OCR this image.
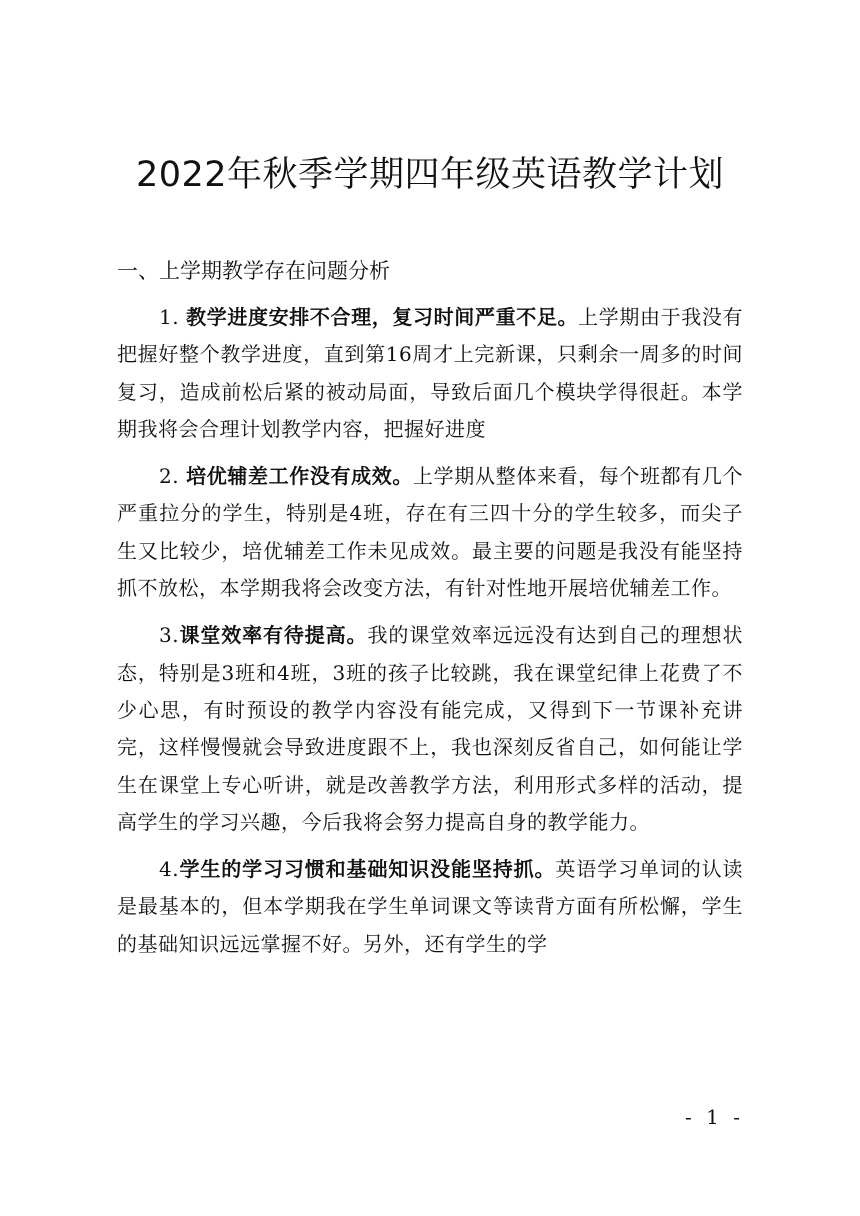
2022年秋季学期四年级英语教学计划
一、上学期教学存在问题分析

1. 教学进度安排不合理，复习时间严重不足。上学期由于我没有把握好整个教学进度，直到第16周才上完新课，只剩余一周多的时间复习，造成前松后紧的被动局面，导致后面几个模块学得很赶。本学期我将会合理计划教学内容，把握好进度

2. 培优辅差工作没有成效。上学期从整体来看，每个班都有几个严重拉分的学生，特别是4班，存在有三四十分的学生较多，而尖子生又比较少，培优辅差工作未见成效。最主要的问题是我没有能坚持抓不放松，本学期我将会改变方法，有针对性地开展培优辅差工作。

3.课堂效率有待提高。我的课堂效率远远没有达到自己的理想状态，特别是3班和4班，3班的孩子比较跳，我在课堂纪律上花费了不少心思，有时预设的教学内容没有能完成，又得到下一节课补充讲完，这样慢慢就会导致进度跟不上，我也深刻反省自己，如何能让学生在课堂上专心听讲，就是改善教学方法，利用形式多样的活动，提高学生的学习兴趣，今后我将会努力提高自身的教学能力。

4.学生的学习习惯和基础知识没能坚持抓。英语学习单词的认读是最基本的，但本学期我在学生单词课文等读背方面有所松懈，学生的基础知识远远掌握不好。另外，还有学生的学

- 1 -
